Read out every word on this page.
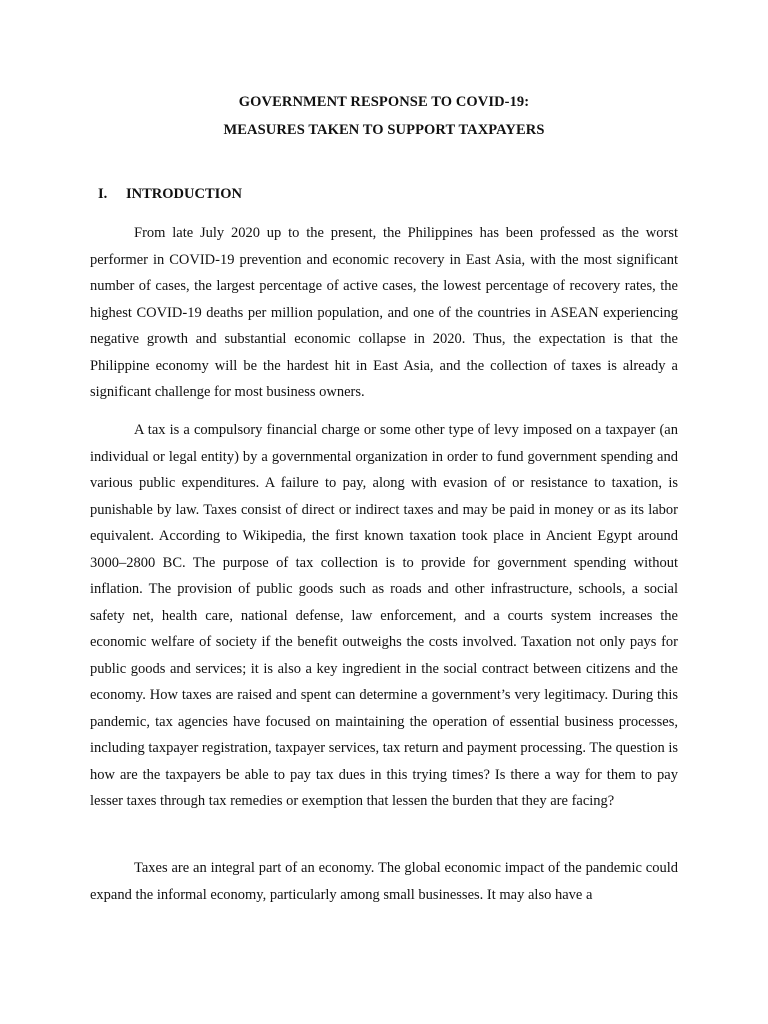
GOVERNMENT RESPONSE TO COVID-19:
MEASURES TAKEN TO SUPPORT TAXPAYERS
I. INTRODUCTION

From late July 2020 up to the present, the Philippines has been professed as the worst performer in COVID-19 prevention and economic recovery in East Asia, with the most significant number of cases, the largest percentage of active cases, the lowest percentage of recovery rates, the highest COVID-19 deaths per million population, and one of the countries in ASEAN experiencing negative growth and substantial economic collapse in 2020. Thus, the expectation is that the Philippine economy will be the hardest hit in East Asia, and the collection of taxes is already a significant challenge for most business owners.

A tax is a compulsory financial charge or some other type of levy imposed on a taxpayer (an individual or legal entity) by a governmental organization in order to fund government spending and various public expenditures. A failure to pay, along with evasion of or resistance to taxation, is punishable by law. Taxes consist of direct or indirect taxes and may be paid in money or as its labor equivalent. According to Wikipedia, the first known taxation took place in Ancient Egypt around 3000–2800 BC. The purpose of tax collection is to provide for government spending without inflation. The provision of public goods such as roads and other infrastructure, schools, a social safety net, health care, national defense, law enforcement, and a courts system increases the economic welfare of society if the benefit outweighs the costs involved. Taxation not only pays for public goods and services; it is also a key ingredient in the social contract between citizens and the economy. How taxes are raised and spent can determine a government’s very legitimacy. During this pandemic, tax agencies have focused on maintaining the operation of essential business processes, including taxpayer registration, taxpayer services, tax return and payment processing. The question is how are the taxpayers be able to pay tax dues in this trying times? Is there a way for them to pay lesser taxes through tax remedies or exemption that lessen the burden that they are facing?

Taxes are an integral part of an economy. The global economic impact of the pandemic could expand the informal economy, particularly among small businesses. It may also have a
